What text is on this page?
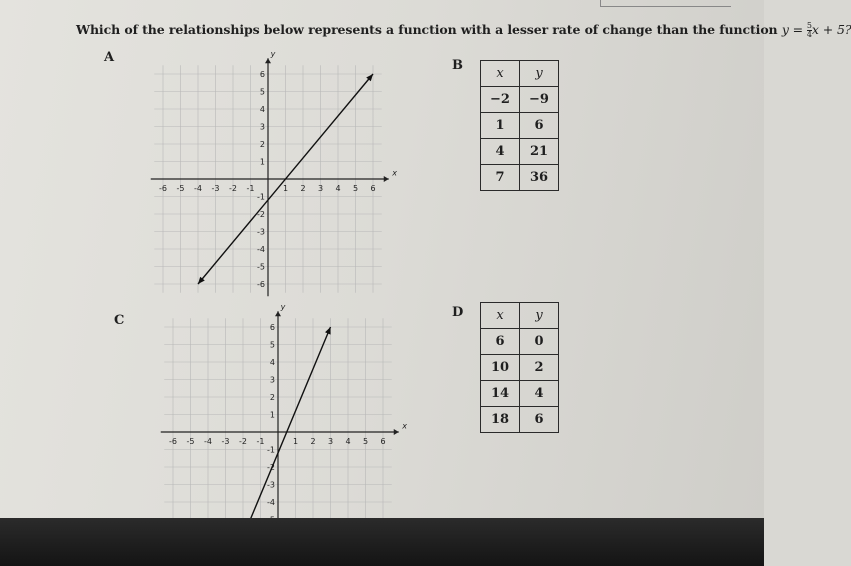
Which of the relationships below represents a function with a lesser rate of change than the function $y = \frac{5}{4}$ x + 5?
A
x
y
-6 -5 -4 -3 -2 -1	1 2 3 4 5 6
6
5
4
3
2
1
-1
-2
-3
-4
-5
-6
B
x	y
−2	−9
1	6
4	21
7	36
C
x
y
-6 -5 -4 -3 -2 -1	1 2 3 4 5 6
6
5
4
3
2
1
-1
-2
-3
-4
D	x	y
6	0
10	2
14	4
18	6
